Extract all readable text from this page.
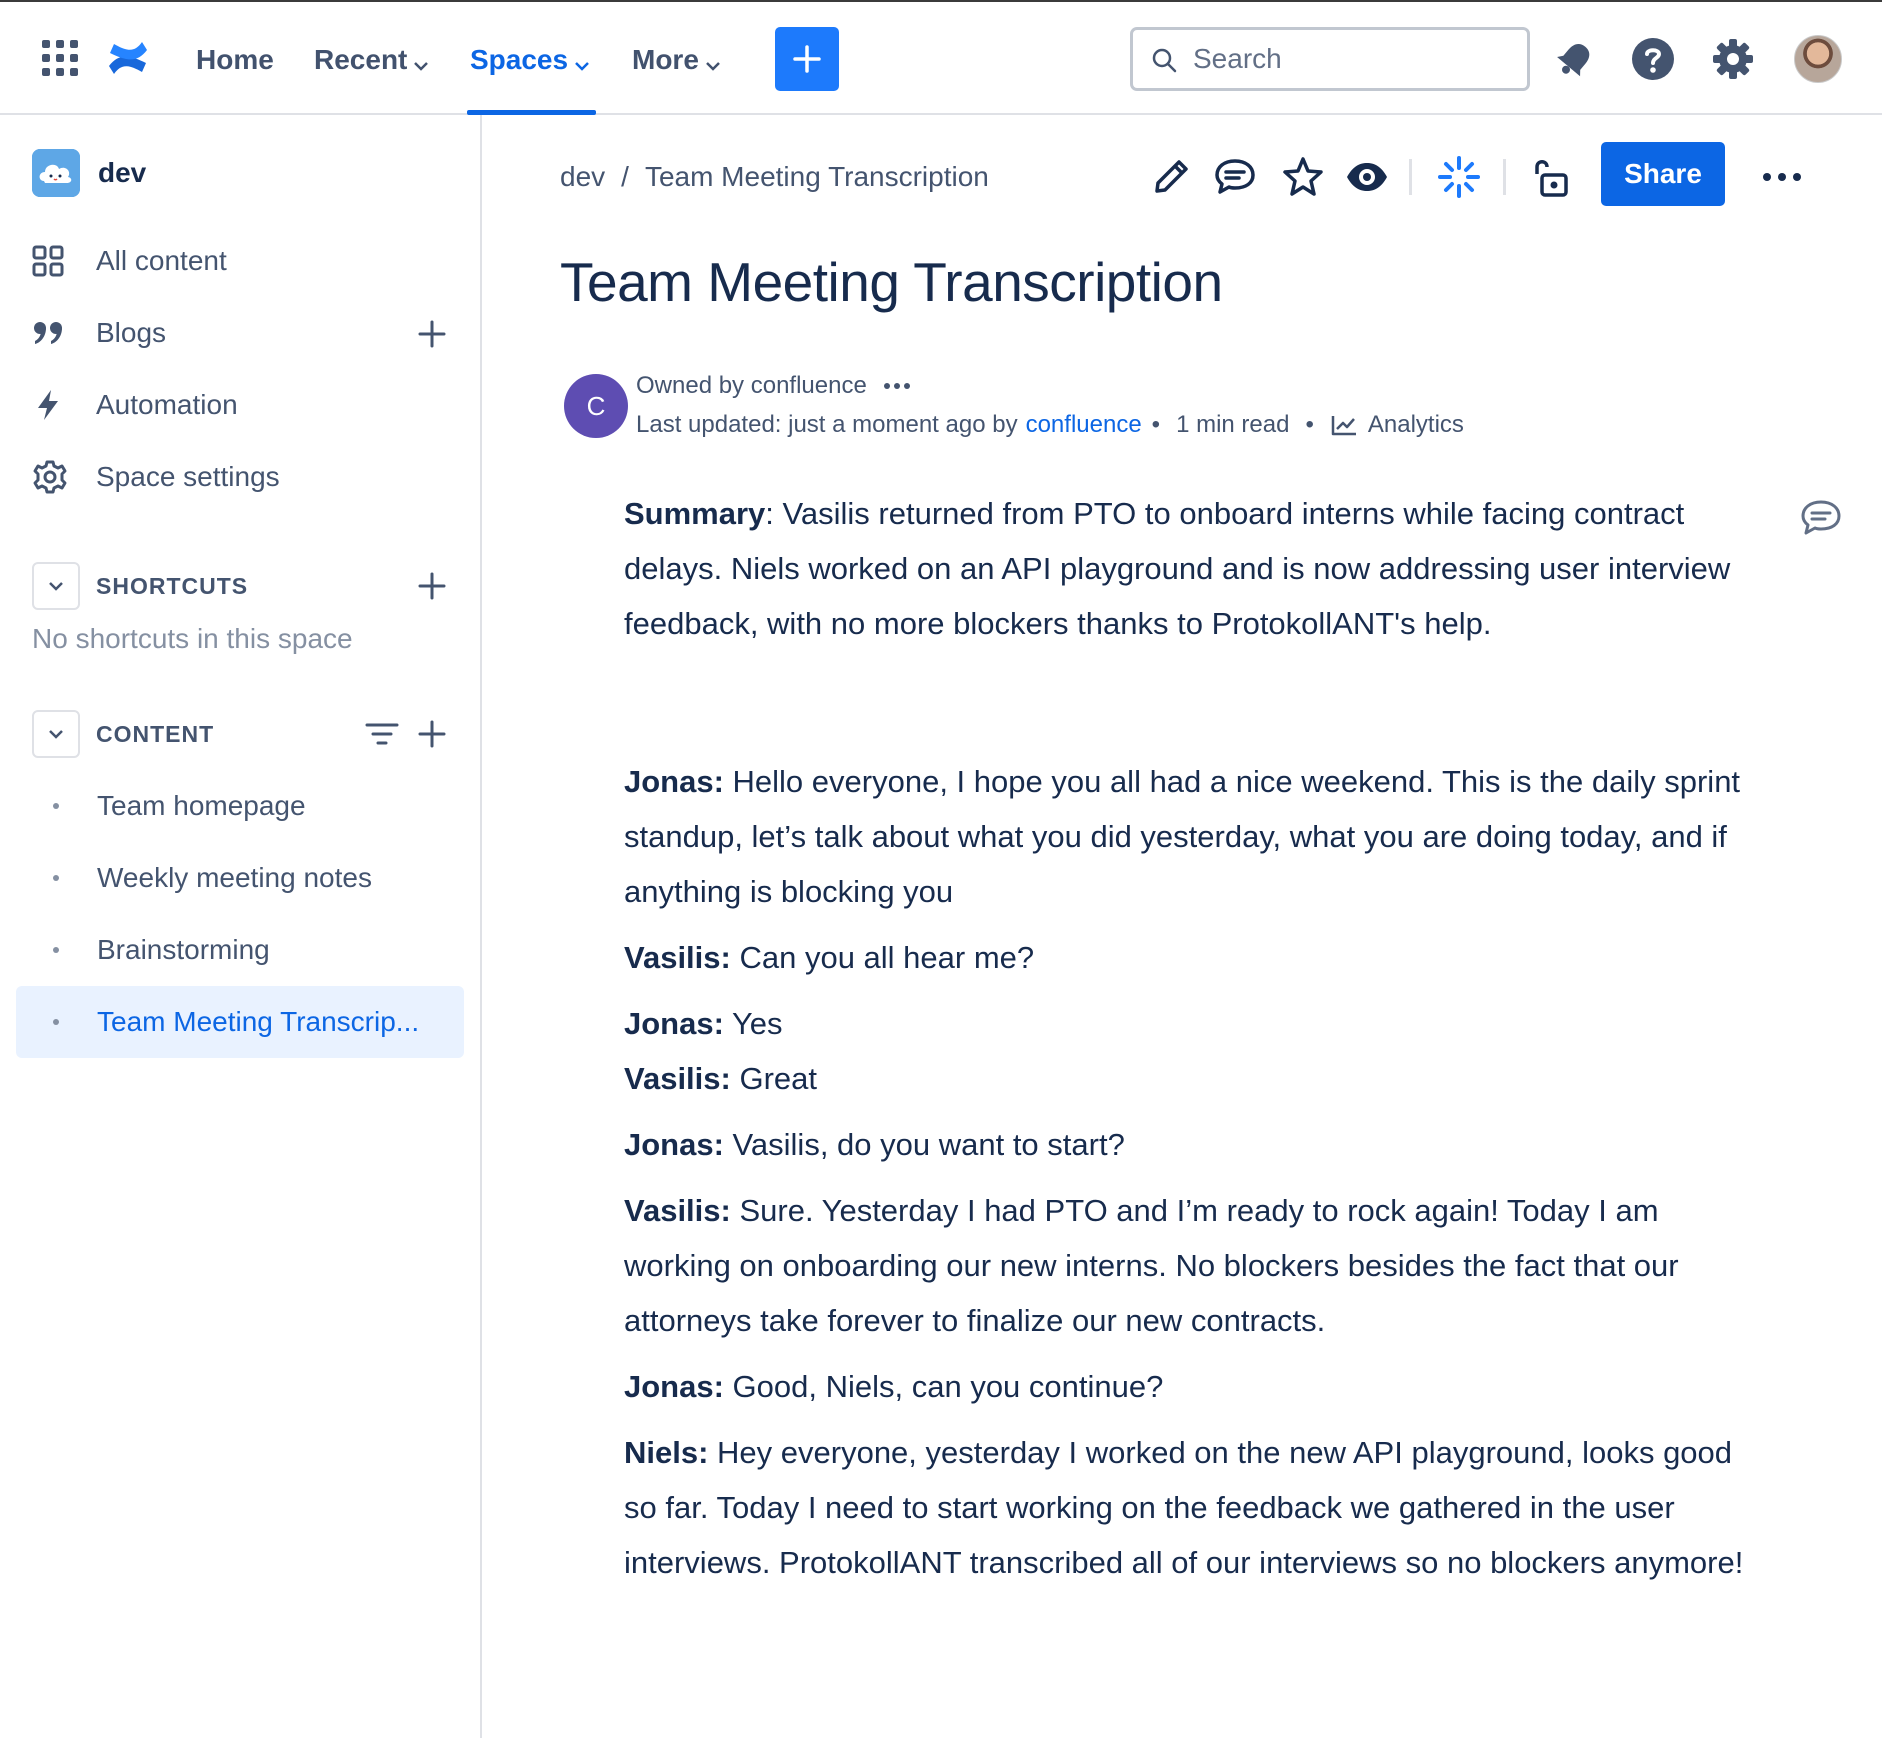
Home Recent	Spaces	More
Search
dev
All content
Blogs
Automation
Space settings
SHORTCUTS
No shortcuts in this space
CONTENT
Team homepage
Weekly meeting notes
Brainstorming
Team Meeting Transcrip...
dev / Team Meeting Transcription	Share
Team Meeting Transcription
C
Owned by confluence
Last updated: just a moment ago by confluence • 1 min read • Analytics

Summary: Vasilis returned from PTO to onboard interns while facing contract delays. Niels worked on an API playground and is now addressing user interview feedback, with no more blockers thanks to ProtokollANT's help.

Jonas: Hello everyone, I hope you all had a nice weekend. This is the daily sprint standup, let’s talk about what you did yesterday, what you are doing today, and if anything is blocking you

Vasilis: Can you all hear me?

Jonas: Yes

Vasilis: Great

Jonas: Vasilis, do you want to start?

Vasilis: Sure. Yesterday I had PTO and I’m ready to rock again! Today I am working on onboarding our new interns. No blockers besides the fact that our attorneys take forever to finalize our new contracts.

Jonas: Good, Niels, can you continue?

Niels: Hey everyone, yesterday I worked on the new API playground, looks good so far. Today I need to start working on the feedback we gathered in the user interviews. ProtokollANT transcribed all of our interviews so no blockers anymore!
